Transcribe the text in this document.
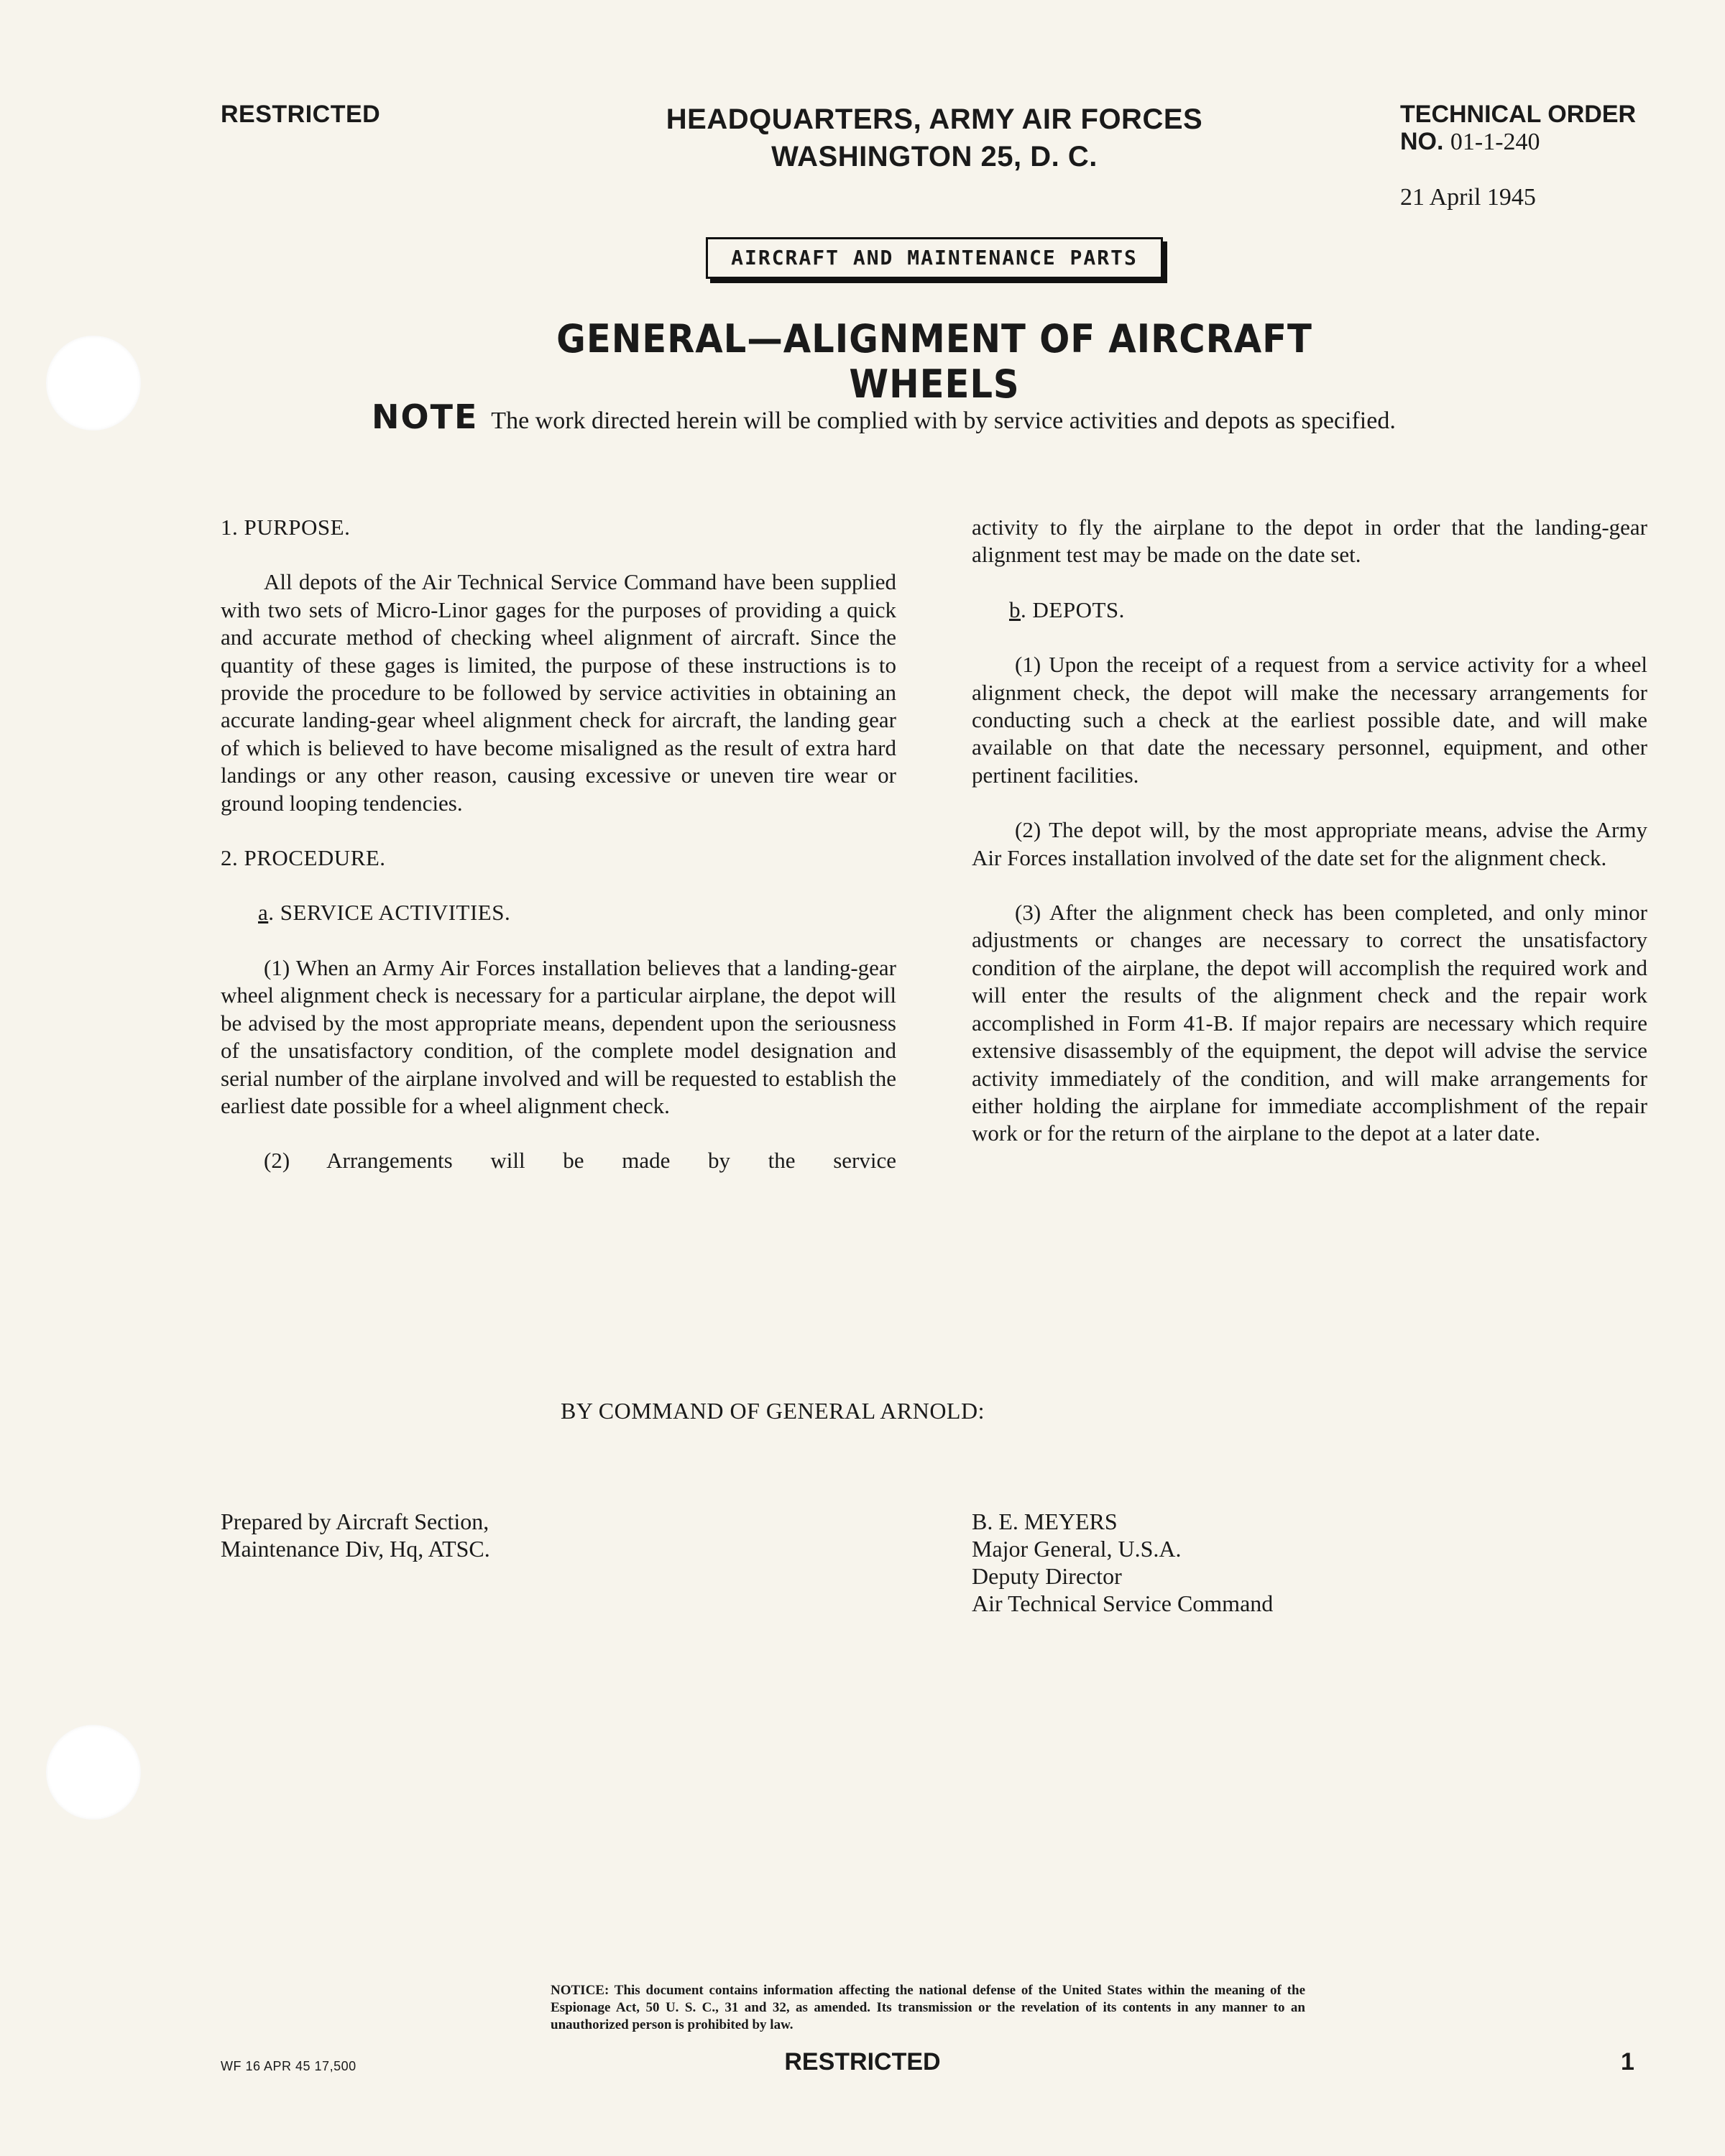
RESTRICTED	HEADQUARTERS, ARMY AIR FORCES
WASHINGTON 25, D. C.
TECHNICAL ORDER
NO. 01-1-240
21 April 1945
AIRCRAFT AND MAINTENANCE PARTS
GENERAL—ALIGNMENT OF AIRCRAFT WHEELS
NOTE The work directed herein will be complied with by service activities and depots as specified.

1. PURPOSE.

All depots of the Air Technical Service Command have been supplied with two sets of Micro-Linor gages for the purposes of providing a quick and accurate method of checking wheel alignment of aircraft. Since the quantity of these gages is limited, the purpose of these instructions is to provide the procedure to be followed by service activities in obtaining an accurate landing-gear wheel alignment check for aircraft, the landing gear of which is believed to have become misaligned as the result of extra hard landings or any other reason, causing excessive or uneven tire wear or ground looping tendencies.

2. PROCEDURE.

a. SERVICE ACTIVITIES.

(1) When an Army Air Forces installation believes that a landing-gear wheel alignment check is necessary for a particular airplane, the depot will be advised by the most appropriate means, dependent upon the seriousness of the unsatisfactory condition, of the complete model designation and serial number of the airplane involved and will be requested to establish the earliest date possible for a wheel alignment check.

(2) Arrangements will be made by the service

activity to fly the airplane to the depot in order that the landing-gear alignment test may be made on the date set.

b. DEPOTS.

(1) Upon the receipt of a request from a service activity for a wheel alignment check, the depot will make the necessary arrangements for conducting such a check at the earliest possible date, and will make available on that date the necessary personnel, equipment, and other pertinent facilities.

(2) The depot will, by the most appropriate means, advise the Army Air Forces installation involved of the date set for the alignment check.

(3) After the alignment check has been completed, and only minor adjustments or changes are necessary to correct the unsatisfactory condition of the airplane, the depot will accomplish the required work and will enter the results of the alignment check and the repair work accomplished in Form 41-B. If major repairs are necessary which require extensive disassembly of the equipment, the depot will advise the service activity immediately of the condition, and will make arrangements for either holding the airplane for immediate accomplishment of the repair work or for the return of the airplane to the depot at a later date.

BY COMMAND OF GENERAL ARNOLD:
Prepared by Aircraft Section,
Maintenance Div, Hq, ATSC.
B. E. MEYERS
Major General, U.S.A.
Deputy Director
Air Technical Service Command
NOTICE: This document contains information affecting the national defense of the United States within the meaning of the Espionage Act, 50 U. S. C., 31 and 32, as amended. Its transmission or the revelation of its contents in any manner to an unauthorized person is prohibited by law.
WF 16 APR 45 17,500	RESTRICTED	1
